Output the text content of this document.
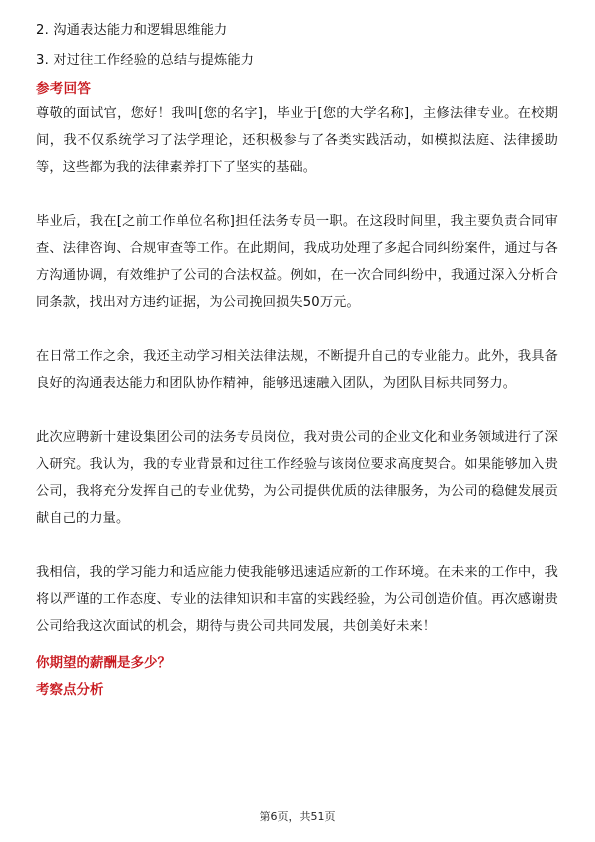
2. 沟通表达能力和逻辑思维能力
3. 对过往工作经验的总结与提炼能力
参考回答

尊敬的面试官，您好！我叫[您的名字]，毕业于[您的大学名称]，主修法律专业。在校期间，我不仅系统学习了法学理论，还积极参与了各类实践活动，如模拟法庭、法律援助等，这些都为我的法律素养打下了坚实的基础。

毕业后，我在[之前工作单位名称]担任法务专员一职。在这段时间里，我主要负责合同审查、法律咨询、合规审查等工作。在此期间，我成功处理了多起合同纠纷案件，通过与各方沟通协调，有效维护了公司的合法权益。例如，在一次合同纠纷中，我通过深入分析合同条款，找出对方违约证据，为公司挽回损失50万元。

在日常工作之余，我还主动学习相关法律法规，不断提升自己的专业能力。此外，我具备良好的沟通表达能力和团队协作精神，能够迅速融入团队，为团队目标共同努力。

此次应聘新十建设集团公司的法务专员岗位，我对贵公司的企业文化和业务领域进行了深入研究。我认为，我的专业背景和过往工作经验与该岗位要求高度契合。如果能够加入贵公司，我将充分发挥自己的专业优势，为公司提供优质的法律服务，为公司的稳健发展贡献自己的力量。

我相信，我的学习能力和适应能力使我能够迅速适应新的工作环境。在未来的工作中，我将以严谨的工作态度、专业的法律知识和丰富的实践经验，为公司创造价值。再次感谢贵公司给我这次面试的机会，期待与贵公司共同发展，共创美好未来！

你期望的薪酬是多少？
考察点分析
第6页，共51页
